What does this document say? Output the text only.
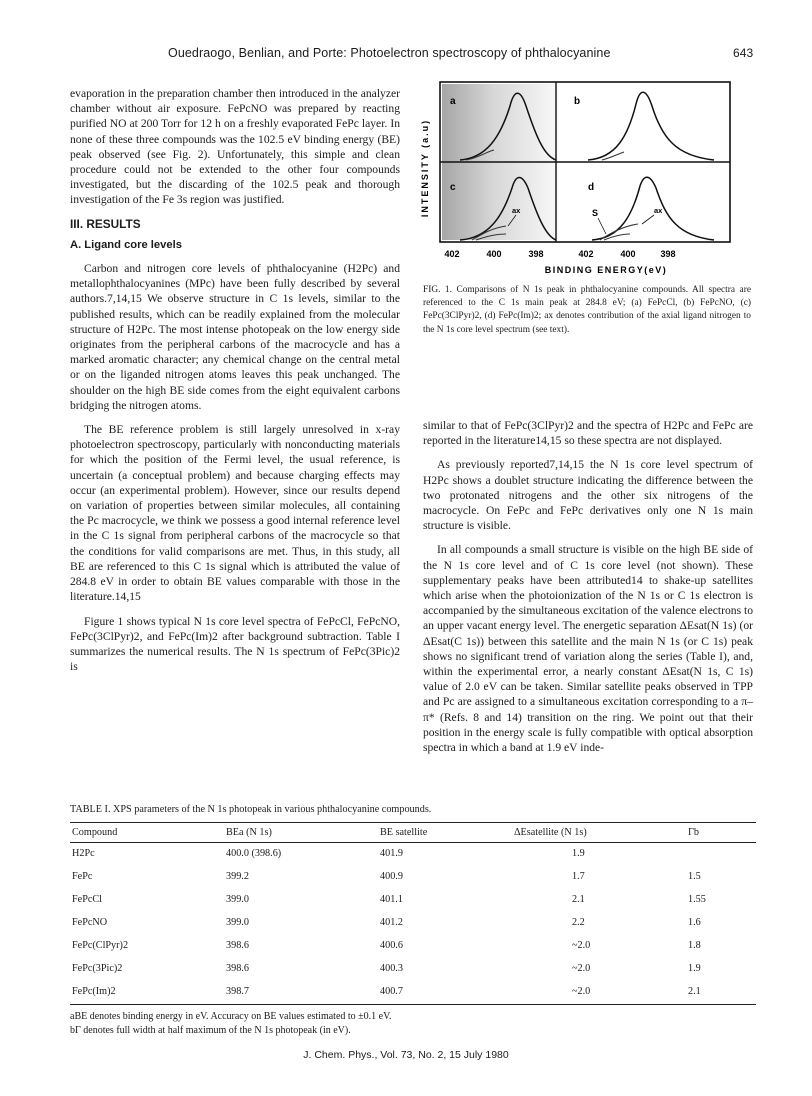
Ouedraogo, Benlian, and Porte: Photoelectron spectroscopy of phthalocyanine	643

evaporation in the preparation chamber then introduced in the analyzer chamber without air exposure. FePcNO was prepared by reacting purified NO at 200 Torr for 12 h on a freshly evaporated FePc layer. In none of these three compounds was the 102.5 eV binding energy (BE) peak observed (see Fig. 2). Unfortunately, this simple and clean procedure could not be extended to the other four compounds investigated, but the discarding of the 102.5 peak and thorough investigation of the Fe 3s region was justified.

III. RESULTS
A. Ligand core levels

Carbon and nitrogen core levels of phthalocyanine (H2Pc) and metallophthalocyanines (MPc) have been fully described by several authors.7,14,15 We observe structure in C 1s levels, similar to the published results, which can be readily explained from the molecular structure of H2Pc. The most intense photopeak on the low energy side originates from the peripheral carbons of the macrocycle and has a marked aromatic character; any chemical change on the central metal or on the liganded nitrogen atoms leaves this peak unchanged. The shoulder on the high BE side comes from the eight equivalent carbons bridging the nitrogen atoms.

The BE reference problem is still largely unresolved in x-ray photoelectron spectroscopy, particularly with nonconducting materials for which the position of the Fermi level, the usual reference, is uncertain (a conceptual problem) and because charging effects may occur (an experimental problem). However, since our results depend on variation of properties between similar molecules, all containing the Pc macrocycle, we think we possess a good internal reference level in the C 1s signal from peripheral carbons of the macrocycle so that the conditions for valid comparisons are met. Thus, in this study, all BE are referenced to this C 1s signal which is attributed the value of 284.8 eV in order to obtain BE values comparable with those in the literature.14,15

Figure 1 shows typical N 1s core level spectra of FePcCl, FePcNO, FePc(3ClPyr)2, and FePc(Im)2 after background subtraction. Table I summarizes the numerical results. The N 1s spectrum of FePc(3Pic)2 is

INTENSITY (a.u)
a	b
c	d
ax	S	ax
402	400	398	402	400	398
BINDING ENERGY(eV)
FIG. 1. Comparisons of N 1s peak in phthalocyanine compounds. All spectra are referenced to the C 1s main peak at 284.8 eV; (a) FePcCl, (b) FePcNO, (c) FePc(3ClPyr)2, (d) FePc(Im)2; ax denotes contribution of the axial ligand nitrogen to the N 1s core level spectrum (see text).

similar to that of FePc(3ClPyr)2 and the spectra of H2Pc and FePc are reported in the literature14,15 so these spectra are not displayed.

As previously reported7,14,15 the N 1s core level spectrum of H2Pc shows a doublet structure indicating the difference between the two protonated nitrogens and the other six nitrogens of the macrocycle. On FePc and FePc derivatives only one N 1s main structure is visible.

In all compounds a small structure is visible on the high BE side of the N 1s core level and of C 1s core level (not shown). These supplementary peaks have been attributed14 to shake-up satellites which arise when the photoionization of the N 1s or C 1s electron is accompanied by the simultaneous excitation of the valence electrons to an upper vacant energy level. The energetic separation ΔEsat(N 1s) (or ΔEsat(C 1s)) between this satellite and the main N 1s (or C 1s) peak shows no significant trend of variation along the series (Table I), and, within the experimental error, a nearly constant ΔEsat(N 1s, C 1s) value of 2.0 eV can be taken. Similar satellite peaks observed in TPP and Pc are assigned to a simultaneous excitation corresponding to a π–π* (Refs. 8 and 14) transition on the ring. We point out that their position in the energy scale is fully compatible with optical absorption spectra in which a band at 1.9 eV inde-

TABLE I. XPS parameters of the N 1s photopeak in various phthalocyanine compounds.
Compound	BEa (N 1s)	BE satellite	ΔEsatellite (N 1s)	Γb
H2Pc	400.0 (398.6)	401.9	1.9	
FePc	399.2	400.9	1.7	1.5
FePcCl	399.0	401.1	2.1	1.55
FePcNO	399.0	401.2	2.2	1.6
FePc(ClPyr)2	398.6	400.6	~2.0	1.8
FePc(3Pic)2	398.6	400.3	~2.0	1.9
FePc(Im)2	398.7	400.7	~2.0	2.1
aBE denotes binding energy in eV. Accuracy on BE values estimated to ±0.1 eV.
bΓ denotes full width at half maximum of the N 1s photopeak (in eV).
J. Chem. Phys., Vol. 73, No. 2, 15 July 1980
